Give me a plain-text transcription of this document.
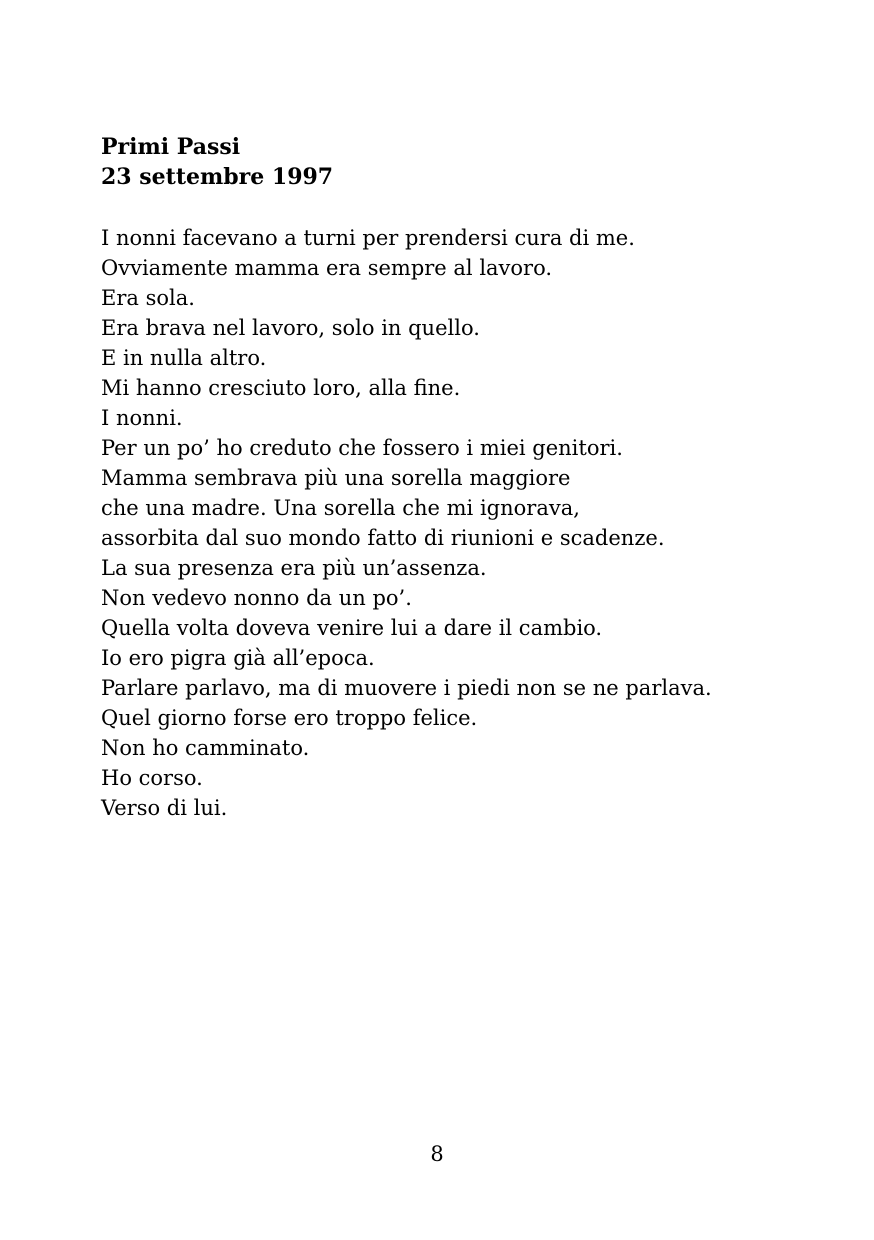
Primi Passi
23 settembre 1997
I nonni facevano a turni per prendersi cura di me.
Ovviamente mamma era sempre al lavoro.
Era sola.
Era brava nel lavoro, solo in quello.
E in nulla altro.
Mi hanno cresciuto loro, alla fine.
I nonni.
Per un po’ ho creduto che fossero i miei genitori.
Mamma sembrava più una sorella maggiore
che una madre. Una sorella che mi ignorava,
assorbita dal suo mondo fatto di riunioni e scadenze.
La sua presenza era più un’assenza.
Non vedevo nonno da un po’.
Quella volta doveva venire lui a dare il cambio.
Io ero pigra già all’epoca.
Parlare parlavo, ma di muovere i piedi non se ne parlava.
Quel giorno forse ero troppo felice.
Non ho camminato.
Ho corso.
Verso di lui.
8
